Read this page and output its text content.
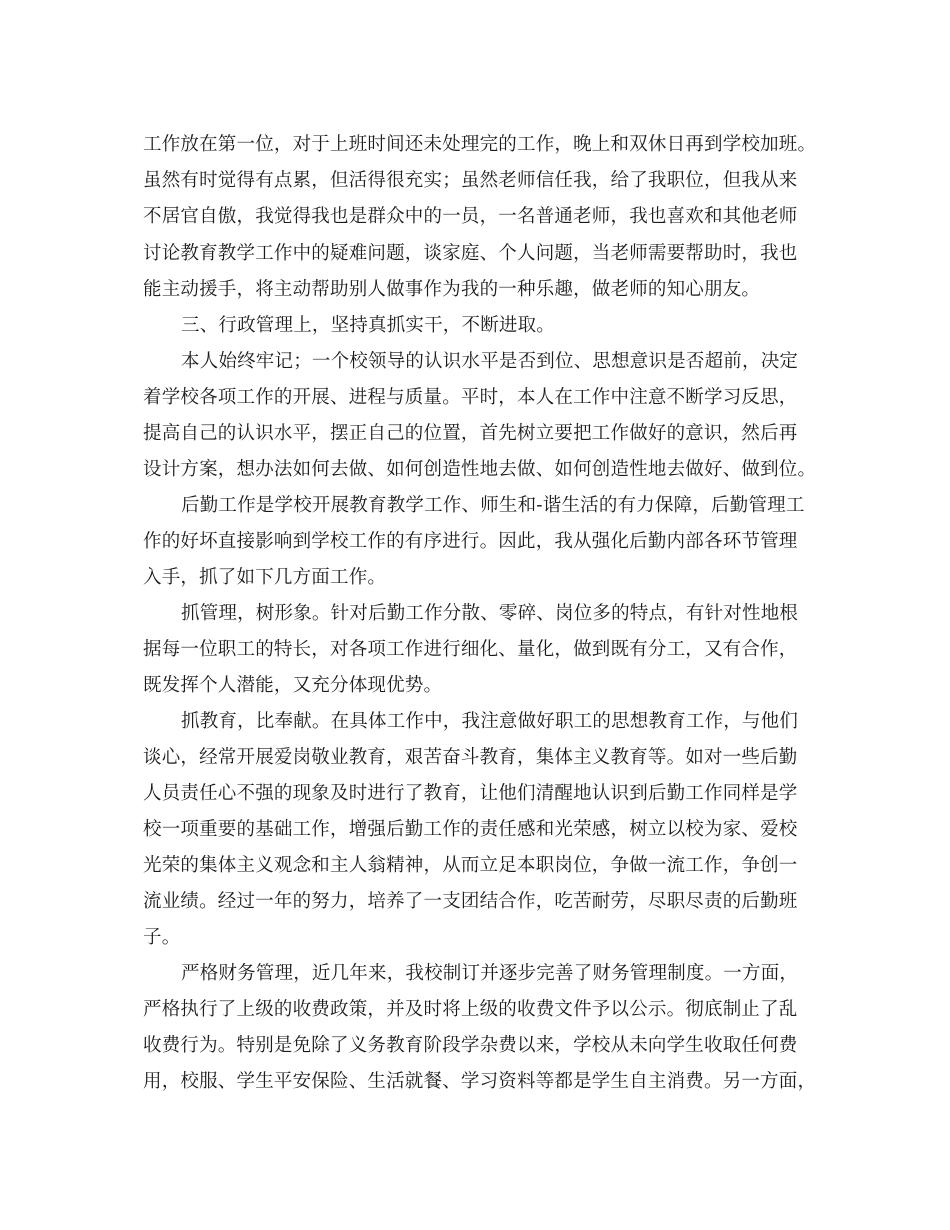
工作放在第一位，对于上班时间还未处理完的工作，晚上和双休日再到学校加班。
虽然有时觉得有点累，但活得很充实；虽然老师信任我，给了我职位，但我从来
不居官自傲，我觉得我也是群众中的一员，一名普通老师，我也喜欢和其他老师
讨论教育教学工作中的疑难问题，谈家庭、个人问题，当老师需要帮助时，我也
能主动援手，将主动帮助别人做事作为我的一种乐趣，做老师的知心朋友。
三、行政管理上，坚持真抓实干，不断进取。
本人始终牢记；一个校领导的认识水平是否到位、思想意识是否超前，决定
着学校各项工作的开展、进程与质量。平时，本人在工作中注意不断学习反思，
提高自己的认识水平，摆正自己的位置，首先树立要把工作做好的意识，然后再
设计方案，想办法如何去做、如何创造性地去做、如何创造性地去做好、做到位。
后勤工作是学校开展教育教学工作、师生和-谐生活的有力保障，后勤管理工
作的好坏直接影响到学校工作的有序进行。因此，我从强化后勤内部各环节管理
入手，抓了如下几方面工作。
抓管理，树形象。针对后勤工作分散、零碎、岗位多的特点，有针对性地根
据每一位职工的特长，对各项工作进行细化、量化，做到既有分工，又有合作，
既发挥个人潜能，又充分体现优势。
抓教育，比奉献。在具体工作中，我注意做好职工的思想教育工作，与他们
谈心，经常开展爱岗敬业教育，艰苦奋斗教育，集体主义教育等。如对一些后勤
人员责任心不强的现象及时进行了教育，让他们清醒地认识到后勤工作同样是学
校一项重要的基础工作，增强后勤工作的责任感和光荣感，树立以校为家、爱校
光荣的集体主义观念和主人翁精神，从而立足本职岗位，争做一流工作，争创一
流业绩。经过一年的努力，培养了一支团结合作，吃苦耐劳，尽职尽责的后勤班
子。
严格财务管理，近几年来，我校制订并逐步完善了财务管理制度。一方面，
严格执行了上级的收费政策，并及时将上级的收费文件予以公示。彻底制止了乱
收费行为。特别是免除了义务教育阶段学杂费以来，学校从未向学生收取任何费
用，校服、学生平安保险、生活就餐、学习资料等都是学生自主消费。另一方面，
